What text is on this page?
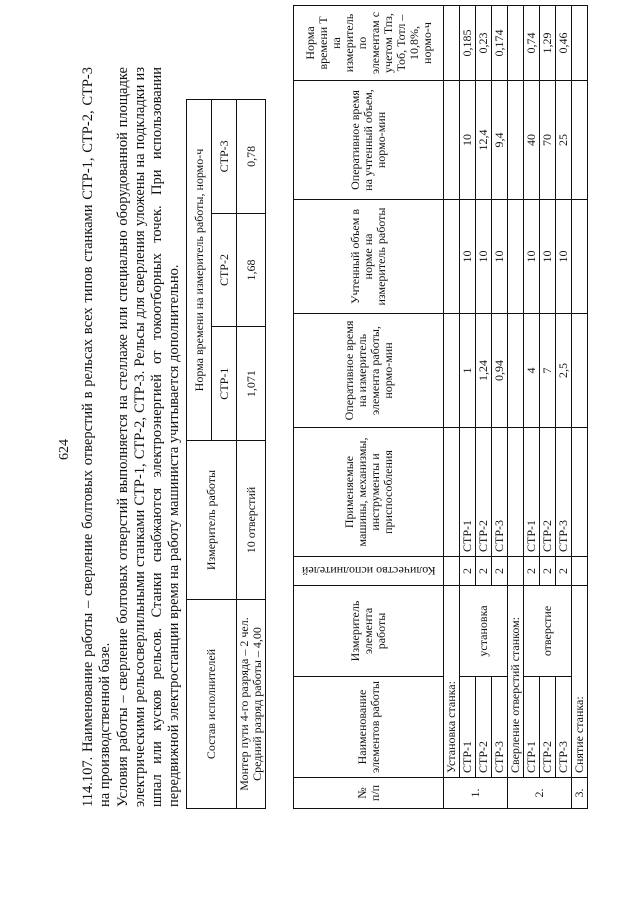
624 114.107. Наименование работы – сверление болтовых отверстий в рельсах всех типов станками СТР-1, СТР-2, СТР-3 на производственной базе. Условия работы – сверление болтовых отверстий выполняется на стеллаже или специально оборудованной площадке электрическими рельсосверлильными станками СТР-1, СТР-2, СТР-3. Рельсы для сверления уложены на подкладки из шпал или кусков рельсов. Станки снабжаются электроэнергией от токоотборных точек. При использовании передвижной электростанции время на работу машиниста учитывается дополнительно. Состав исполнителей	Измеритель работы	Норма времени на измеритель работы, нормо-ч		
		СТР-1	СТР-2	СТР-3

Монтер пути 4-го разряда – 2 чел. Средний разряд работы – 4,00	10 отверстий	1,071	1,68	0,78
№ п/п	Наименование элементов работы	Измеритель элемента работы	Количество исполнителей	Применяемые машины, механизмы, инструменты и приспособления	Оперативное время на измеритель элемента работы, нормо-мин	Учтенный объем в норме на измеритель работы	Оперативное время на учтенный объем, нормо-мин	Норма времени Т на измеритель по элементам с учетом Тпз, Тоб, Тотл – 10,8%, нормо-ч
1.	Установка станка:							
	СТР-1	установка	2	СТР-1	1	10	10	0,185
	СТР-2		2	СТР-2	1,24	10	12,4	0,23
	СТР-3		2	СТР-3	0,94	10	9,4	0,174
2.	Сверление отверстий станком:							
	СТР-1	отверстие	2	СТР-1	4	10	40	0,74
	СТР-2		2	СТР-2	7	10	70	1,29
	СТР-3		2	СТР-3	2,5	10	25	0,46
3.	Снятие станка:							
